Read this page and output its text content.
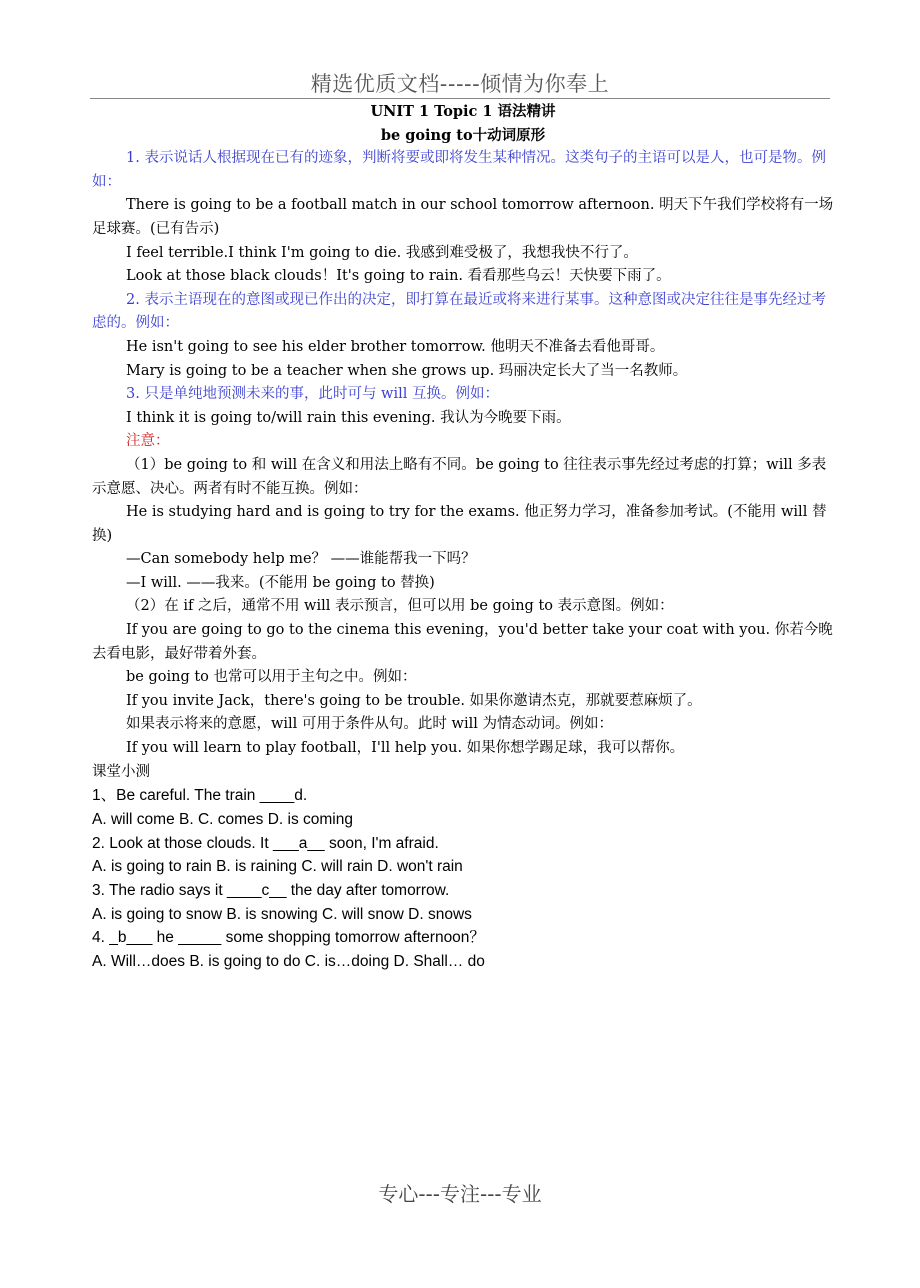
精选优质文档-----倾情为你奉上
UNIT 1 Topic 1 语法精讲
be going to十动词原形

1. 表示说话人根据现在已有的迹象，判断将要或即将发生某种情况。这类句子的主语可以是人，也可是物。例如：

There is going to be a football match in our school tomorrow afternoon. 明天下午我们学校将有一场足球赛。(已有告示)

I feel terrible.I think I'm going to die. 我感到难受极了，我想我快不行了。

Look at those black clouds！It's going to rain. 看看那些乌云！天快要下雨了。

2. 表示主语现在的意图或现已作出的决定，即打算在最近或将来进行某事。这种意图或决定往往是事先经过考虑的。例如：

He isn't going to see his elder brother tomorrow. 他明天不准备去看他哥哥。

Mary is going to be a teacher when she grows up. 玛丽决定长大了当一名教师。

3. 只是单纯地预测未来的事，此时可与 will 互换。例如：

I think it is going to/will rain this evening. 我认为今晚要下雨。

注意：

（1）be going to 和 will 在含义和用法上略有不同。be going to 往往表示事先经过考虑的打算；will 多表示意愿、决心。两者有时不能互换。例如：

He is studying hard and is going to try for the exams. 他正努力学习，准备参加考试。(不能用 will 替换)

—Can somebody help me？ ——谁能帮我一下吗？

—I will. ——我来。(不能用 be going to 替换)

（2）在 if 之后，通常不用 will 表示预言，但可以用 be going to 表示意图。例如：

If you are going to go to the cinema this evening，you'd better take your coat with you. 你若今晚去看电影，最好带着外套。

be going to 也常可以用于主句之中。例如：

If you invite Jack，there's going to be trouble. 如果你邀请杰克，那就要惹麻烦了。

如果表示将来的意愿，will 可用于条件从句。此时 will 为情态动词。例如：

If you will learn to play football，I'll help you. 如果你想学踢足球，我可以帮你。

课堂小测

1、Be careful. The train ____d.

A. will come B. C. comes D. is coming

2. Look at those clouds. It ___a__ soon, I'm afraid.

A. is going to rain B. is raining C. will rain D. won't rain

3. The radio says it ____c__ the day after tomorrow.

A. is going to snow B. is snowing C. will snow D. snows

4. _b___ he _____ some shopping tomorrow afternoon？

A. Will…does B. is going to do C. is…doing D. Shall… do

专心---专注---专业
